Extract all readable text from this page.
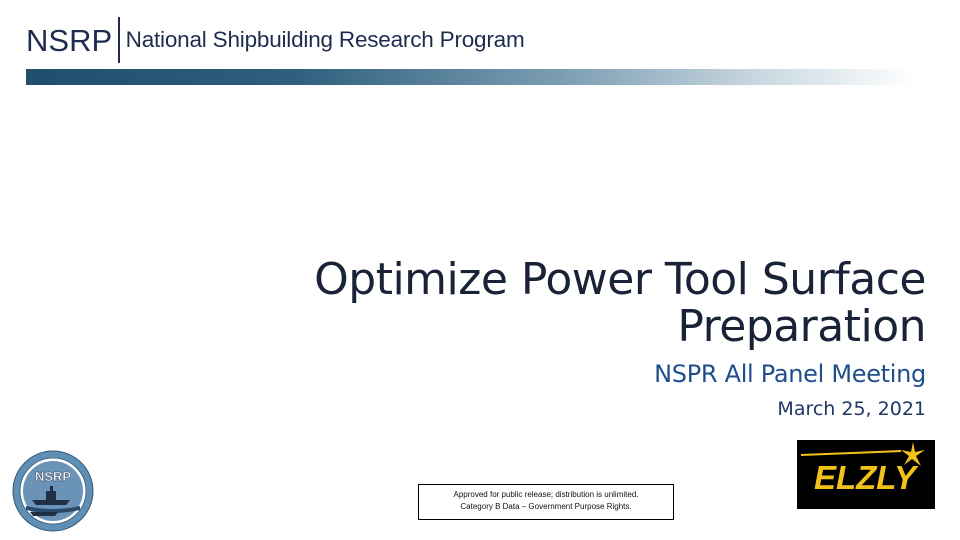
NSRP National Shipbuilding Research Program
Optimize Power Tool Surface Preparation
NSPR All Panel Meeting
March 25, 2021
NSRP
Approved for public release; distribution is unlimited.
Category B Data – Government Purpose Rights.
ELZLY
